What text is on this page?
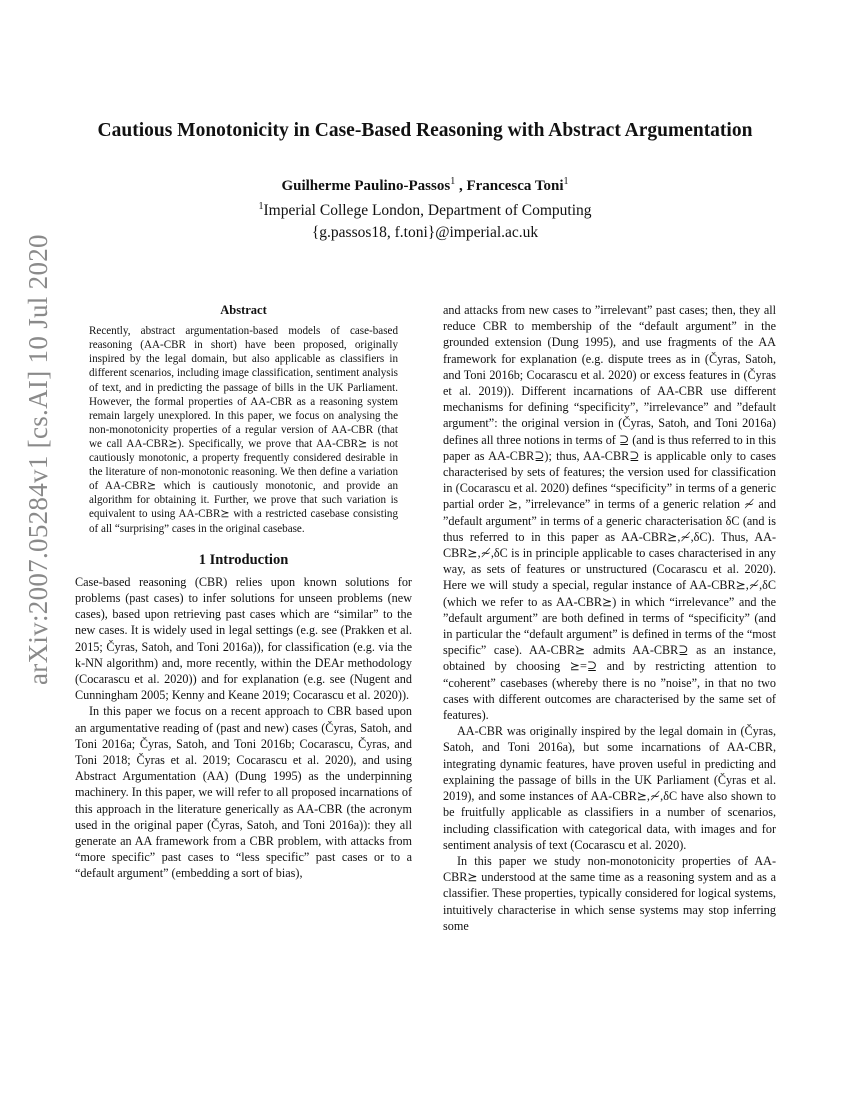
arXiv:2007.05284v1 [cs.AI] 10 Jul 2020
Cautious Monotonicity in Case-Based Reasoning with Abstract Argumentation
Guilherme Paulino-Passos$^1$ , Francesca Toni$^1$
$^1$Imperial College London, Department of Computing
{g.passos18, f.toni}@imperial.ac.uk
Abstract

Recently, abstract argumentation-based models of case-based reasoning (AA-CBR in short) have been proposed, originally inspired by the legal domain, but also applicable as classifiers in different scenarios, including image classification, sentiment analysis of text, and in predicting the passage of bills in the UK Parliament. However, the formal properties of AA-CBR as a reasoning system remain largely unexplored. In this paper, we focus on analysing the non-monotonicity properties of a regular version of AA-CBR (that we call AA-CBR⪰). Specifically, we prove that AA-CBR⪰ is not cautiously monotonic, a property frequently considered desirable in the literature of non-monotonic reasoning. We then define a variation of AA-CBR⪰ which is cautiously monotonic, and provide an algorithm for obtaining it. Further, we prove that such variation is equivalent to using AA-CBR⪰ with a restricted casebase consisting of all “surprising” cases in the original casebase.

1 Introduction

Case-based reasoning (CBR) relies upon known solutions for problems (past cases) to infer solutions for unseen problems (new cases), based upon retrieving past cases which are “similar” to the new cases. It is widely used in legal settings (e.g. see (Prakken et al. 2015; Čyras, Satoh, and Toni 2016a)), for classification (e.g. via the k-NN algorithm) and, more recently, within the DEAr methodology (Cocarascu et al. 2020)) and for explanation (e.g. see (Nugent and Cunningham 2005; Kenny and Keane 2019; Cocarascu et al. 2020)).

In this paper we focus on a recent approach to CBR based upon an argumentative reading of (past and new) cases (Čyras, Satoh, and Toni 2016a; Čyras, Satoh, and Toni 2016b; Cocarascu, Čyras, and Toni 2018; Čyras et al. 2019; Cocarascu et al. 2020), and using Abstract Argumentation (AA) (Dung 1995) as the underpinning machinery. In this paper, we will refer to all proposed incarnations of this approach in the literature generically as AA-CBR (the acronym used in the original paper (Čyras, Satoh, and Toni 2016a)): they all generate an AA framework from a CBR problem, with attacks from “more specific” past cases to “less specific” past cases or to a “default argument” (embedding a sort of bias),

and attacks from new cases to ”irrelevant” past cases; then, they all reduce CBR to membership of the “default argument” in the grounded extension (Dung 1995), and use fragments of the AA framework for explanation (e.g. dispute trees as in (Čyras, Satoh, and Toni 2016b; Cocarascu et al. 2020) or excess features in (Čyras et al. 2019)). Different incarnations of AA-CBR use different mechanisms for defining “specificity”, ”irrelevance” and ”default argument”: the original version in (Čyras, Satoh, and Toni 2016a) defines all three notions in terms of ⊇ (and is thus referred to in this paper as AA-CBR⊇); thus, AA-CBR⊇ is applicable only to cases characterised by sets of features; the version used for classification in (Cocarascu et al. 2020) defines “specificity” in terms of a generic partial order ⪰, ”irrelevance” in terms of a generic relation ≁ and ”default argument” in terms of a generic characterisation δC (and is thus referred to in this paper as AA-CBR⪰,≁,δC). Thus, AA-CBR⪰,≁,δC is in principle applicable to cases characterised in any way, as sets of features or unstructured (Cocarascu et al. 2020). Here we will study a special, regular instance of AA-CBR⪰,≁,δC (which we refer to as AA-CBR⪰) in which “irrelevance” and the ”default argument” are both defined in terms of “specificity” (and in particular the “default argument” is defined in terms of the “most specific” case). AA-CBR⪰ admits AA-CBR⊇ as an instance, obtained by choosing ⪰=⊇ and by restricting attention to “coherent” casebases (whereby there is no ”noise”, in that no two cases with different outcomes are characterised by the same set of features).

AA-CBR was originally inspired by the legal domain in (Čyras, Satoh, and Toni 2016a), but some incarnations of AA-CBR, integrating dynamic features, have proven useful in predicting and explaining the passage of bills in the UK Parliament (Čyras et al. 2019), and some instances of AA-CBR⪰,≁,δC have also shown to be fruitfully applicable as classifiers in a number of scenarios, including classification with categorical data, with images and for sentiment analysis of text (Cocarascu et al. 2020).

In this paper we study non-monotonicity properties of AA-CBR⪰ understood at the same time as a reasoning system and as a classifier. These properties, typically considered for logical systems, intuitively characterise in which sense systems may stop inferring some
